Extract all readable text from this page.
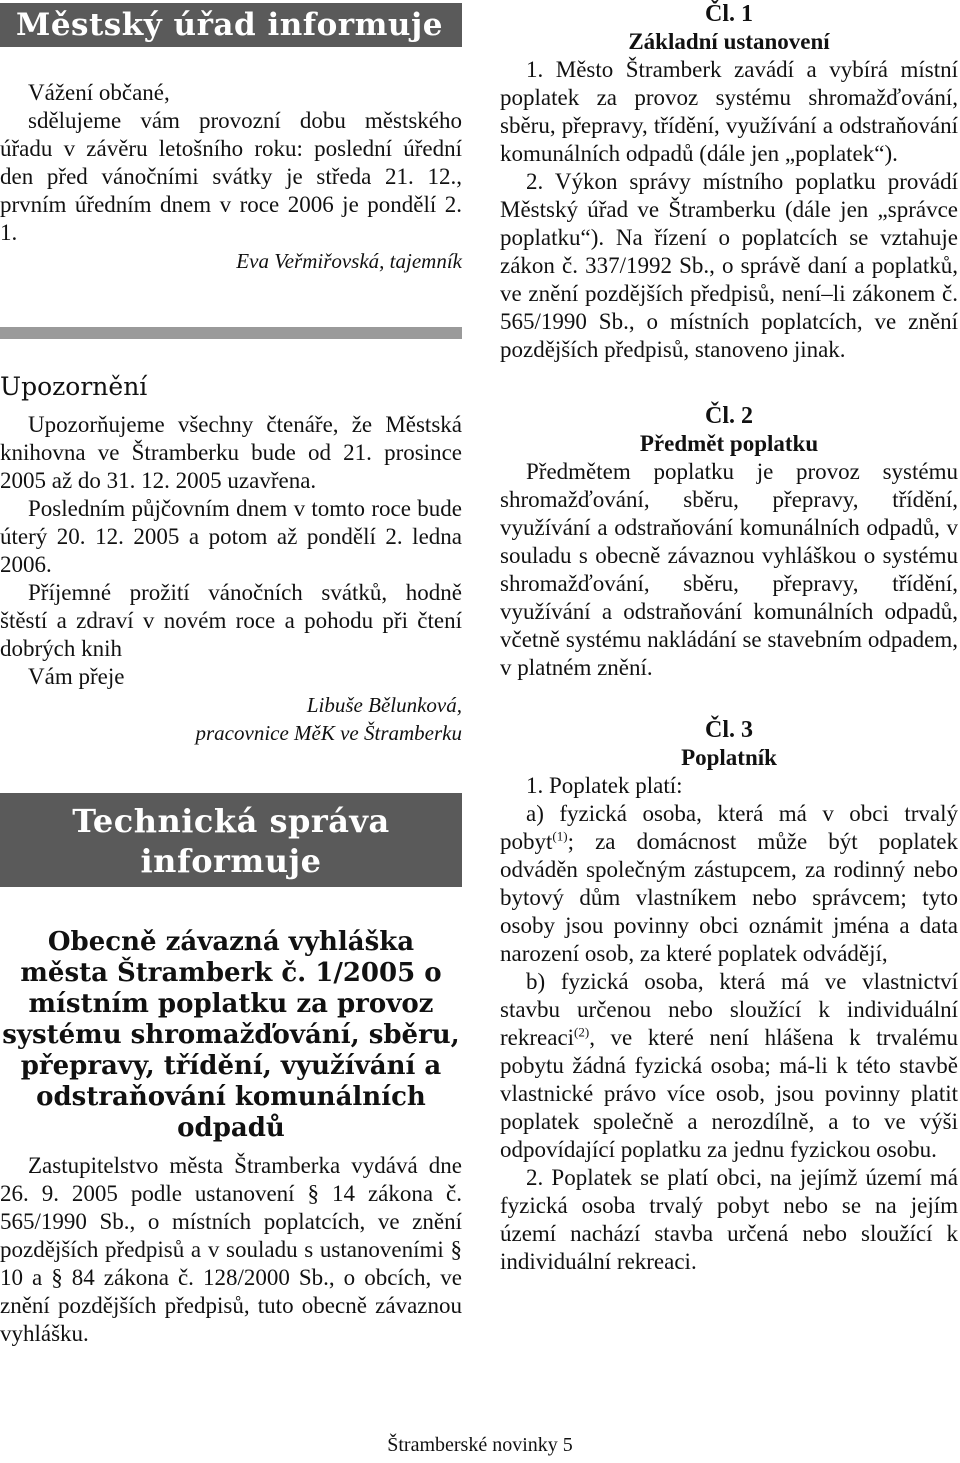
Městský úřad informuje

Vážení občané,

sdělujeme vám provozní dobu městského úřadu v závěru letošního roku: poslední úřední den před vánočními svátky je středa 21. 12., prvním úředním dnem v roce 2006 je pondělí 2. 1.

Eva Veřmiřovská, tajemník

Upozornění

Upozorňujeme všechny čtenáře, že Městská knihovna ve Štramberku bude od 21. prosince 2005 až do 31. 12. 2005 uzavřena.

Posledním půjčovním dnem v tomto roce bude úterý 20. 12. 2005 a potom až pondělí 2. ledna 2006.

Příjemné prožití vánočních svátků, hodně štěstí a zdraví v novém roce a pohodu při čtení dobrých knih

Vám přeje

Libuše Bělunková,

pracovnice MěK ve Štramberku

Technická správa
informuje
Obecně závazná vyhláška města Štramberk č. 1/2005 o místním poplatku za provoz systému shromažďování, sběru, přepravy, třídění, využívání a odstraňování komunálních odpadů

Zastupitelstvo města Štramberka vydává dne 26. 9. 2005 podle ustanovení § 14 zákona č. 565/1990 Sb., o místních poplatcích, ve znění pozdějších předpisů a v souladu s ustanoveními § 10 a § 84 zákona č. 128/2000 Sb., o obcích, ve znění pozdějších předpisů, tuto obecně závaznou vyhlášku.

Čl. 1
Základní ustanovení

1. Město Štramberk zavádí a vybírá místní poplatek za provoz systému shromažďování, sběru, přepravy, třídění, využívání a odstraňování komunálních odpadů (dále jen „poplatek“).

2. Výkon správy místního poplatku provádí Městský úřad ve Štramberku (dále jen „správce poplatku“). Na řízení o poplatcích se vztahuje zákon č. 337/1992 Sb., o správě daní a poplatků, ve znění pozdějších předpisů, není–li zákonem č. 565/1990 Sb., o místních poplatcích, ve znění pozdějších předpisů, stanoveno jinak.

Čl. 2
Předmět poplatku

Předmětem poplatku je provoz systému shromažďování, sběru, přepravy, třídění, využívání a odstraňování komunálních odpadů, v souladu s obecně závaznou vyhláškou o systému shromažďování, sběru, přepravy, třídění, využívání a odstraňování komunálních odpadů, včetně systému nakládání se stavebním odpadem, v platném znění.

Čl. 3
Poplatník

1. Poplatek platí:

a) fyzická osoba, která má v obci trvalý pobyt$^{(1)}$; za domácnost může být poplatek odváděn společným zástupcem, za rodinný nebo bytový dům vlastníkem nebo správcem; tyto osoby jsou povinny obci oznámit jména a data narození osob, za které poplatek odvádějí,

b) fyzická osoba, která má ve vlastnictví stavbu určenou nebo sloužící k individuální rekreaci$^{(2)}$, ve které není hlášena k trvalému pobytu žádná fyzická osoba; má-li k této stavbě vlastnické právo více osob, jsou povinny platit poplatek společně a nerozdílně, a to ve výši odpovídající poplatku za jednu fyzickou osobu.

2. Poplatek se platí obci, na jejímž území má fyzická osoba trvalý pobyt nebo se na jejím území nachází stavba určená nebo sloužící k individuální rekreaci.

Štramberské novinky 5
